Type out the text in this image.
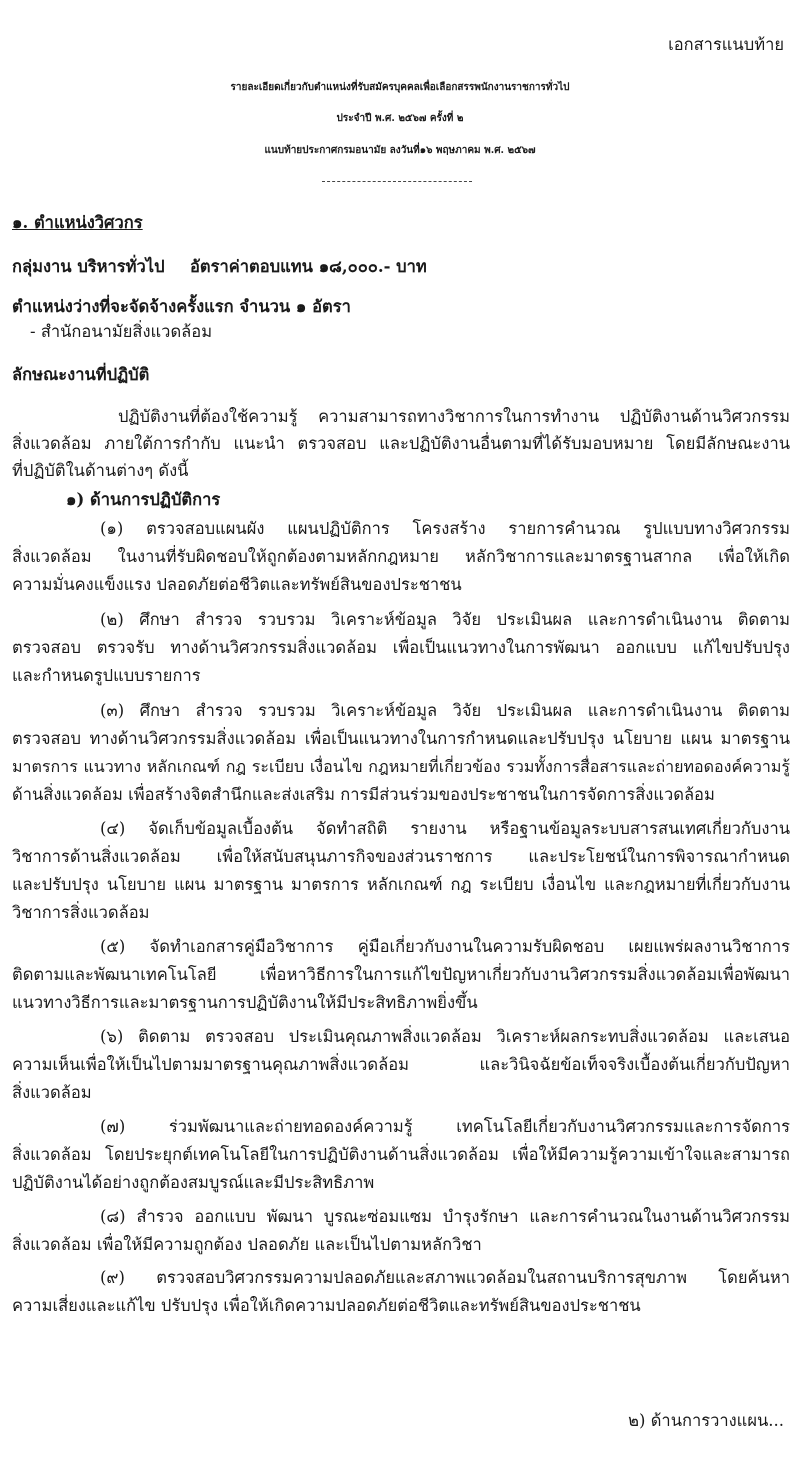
เอกสารแนบท้าย
รายละเอียดเกี่ยวกับตำแหน่งที่รับสมัครบุคคลเพื่อเลือกสรรพนักงานราชการทั่วไป
ประจำปี พ.ศ. ๒๕๖๗ ครั้งที่ ๒
แนบท้ายประกาศกรมอนามัย ลงวันที่๑๖ พฤษภาคม พ.ศ. ๒๕๖๗
๑. ตำแหน่งวิศวกร
กลุ่มงาน บริหารทั่วไป อัตราค่าตอบแทน ๑๘,๐๐๐.- บาท
ตำแหน่งว่างที่จะจัดจ้างครั้งแรก จำนวน ๑ อัตรา
- สำนักอนามัยสิ่งแวดล้อม
ลักษณะงานที่ปฏิบัติ
ปฏิบัติงานที่ต้องใช้ความรู้ ความสามารถทางวิชาการในการทำงาน ปฏิบัติงานด้านวิศวกรรม
สิ่งแวดล้อม ภายใต้การกำกับ แนะนำ ตรวจสอบ และปฏิบัติงานอื่นตามที่ได้รับมอบหมาย โดยมีลักษณะงาน
ที่ปฏิบัติในด้านต่างๆ ดังนี้
๑) ด้านการปฏิบัติการ
(๑) ตรวจสอบแผนผัง แผนปฏิบัติการ โครงสร้าง รายการคำนวณ รูปแบบทางวิศวกรรม
สิ่งแวดล้อม ในงานที่รับผิดชอบให้ถูกต้องตามหลักกฎหมาย หลักวิชาการและมาตรฐานสากล เพื่อให้เกิด
ความมั่นคงแข็งแรง ปลอดภัยต่อชีวิตและทรัพย์สินของประชาชน
(๒) ศึกษา สำรวจ รวบรวม วิเคราะห์ข้อมูล วิจัย ประเมินผล และการดำเนินงาน ติดตาม
ตรวจสอบ ตรวจรับ ทางด้านวิศวกรรมสิ่งแวดล้อม เพื่อเป็นแนวทางในการพัฒนา ออกแบบ แก้ไขปรับปรุง
และกำหนดรูปแบบรายการ
(๓) ศึกษา สำรวจ รวบรวม วิเคราะห์ข้อมูล วิจัย ประเมินผล และการดำเนินงาน ติดตาม
ตรวจสอบ ทางด้านวิศวกรรมสิ่งแวดล้อม เพื่อเป็นแนวทางในการกำหนดและปรับปรุง นโยบาย แผน มาตรฐาน
มาตรการ แนวทาง หลักเกณฑ์ กฎ ระเบียบ เงื่อนไข กฎหมายที่เกี่ยวข้อง รวมทั้งการสื่อสารและถ่ายทอดองค์ความรู้
ด้านสิ่งแวดล้อม เพื่อสร้างจิตสำนึกและส่งเสริม การมีส่วนร่วมของประชาชนในการจัดการสิ่งแวดล้อม
(๔) จัดเก็บข้อมูลเบื้องต้น จัดทำสถิติ รายงาน หรือฐานข้อมูลระบบสารสนเทศเกี่ยวกับงาน
วิชาการด้านสิ่งแวดล้อม เพื่อให้สนับสนุนภารกิจของส่วนราชการ และประโยชน์ในการพิจารณากำหนด
และปรับปรุง นโยบาย แผน มาตรฐาน มาตรการ หลักเกณฑ์ กฎ ระเบียบ เงื่อนไข และกฎหมายที่เกี่ยวกับงาน
วิชาการสิ่งแวดล้อม
(๕) จัดทำเอกสารคู่มือวิชาการ คู่มือเกี่ยวกับงานในความรับผิดชอบ เผยแพร่ผลงานวิชาการ
ติดตามและพัฒนาเทคโนโลยี เพื่อหาวิธีการในการแก้ไขปัญหาเกี่ยวกับงานวิศวกรรมสิ่งแวดล้อมเพื่อพัฒนา
แนวทางวิธีการและมาตรฐานการปฏิบัติงานให้มีประสิทธิภาพยิ่งขึ้น
(๖) ติดตาม ตรวจสอบ ประเมินคุณภาพสิ่งแวดล้อม วิเคราะห์ผลกระทบสิ่งแวดล้อม และเสนอ
ความเห็นเพื่อให้เป็นไปตามมาตรฐานคุณภาพสิ่งแวดล้อม และวินิจฉัยข้อเท็จจริงเบื้องต้นเกี่ยวกับปัญหา
สิ่งแวดล้อม
(๗) ร่วมพัฒนาและถ่ายทอดองค์ความรู้ เทคโนโลยีเกี่ยวกับงานวิศวกรรมและการจัดการ
สิ่งแวดล้อม โดยประยุกต์เทคโนโลยีในการปฏิบัติงานด้านสิ่งแวดล้อม เพื่อให้มีความรู้ความเข้าใจและสามารถ
ปฏิบัติงานได้อย่างถูกต้องสมบูรณ์และมีประสิทธิภาพ
(๘) สำรวจ ออกแบบ พัฒนา บูรณะซ่อมแซม บำรุงรักษา และการคำนวณในงานด้านวิศวกรรม
สิ่งแวดล้อม เพื่อให้มีความถูกต้อง ปลอดภัย และเป็นไปตามหลักวิชา
(๙) ตรวจสอบวิศวกรรมความปลอดภัยและสภาพแวดล้อมในสถานบริการสุขภาพ โดยค้นหา
ความเสี่ยงและแก้ไข ปรับปรุง เพื่อให้เกิดความปลอดภัยต่อชีวิตและทรัพย์สินของประชาชน
๒) ด้านการวางแผน...
